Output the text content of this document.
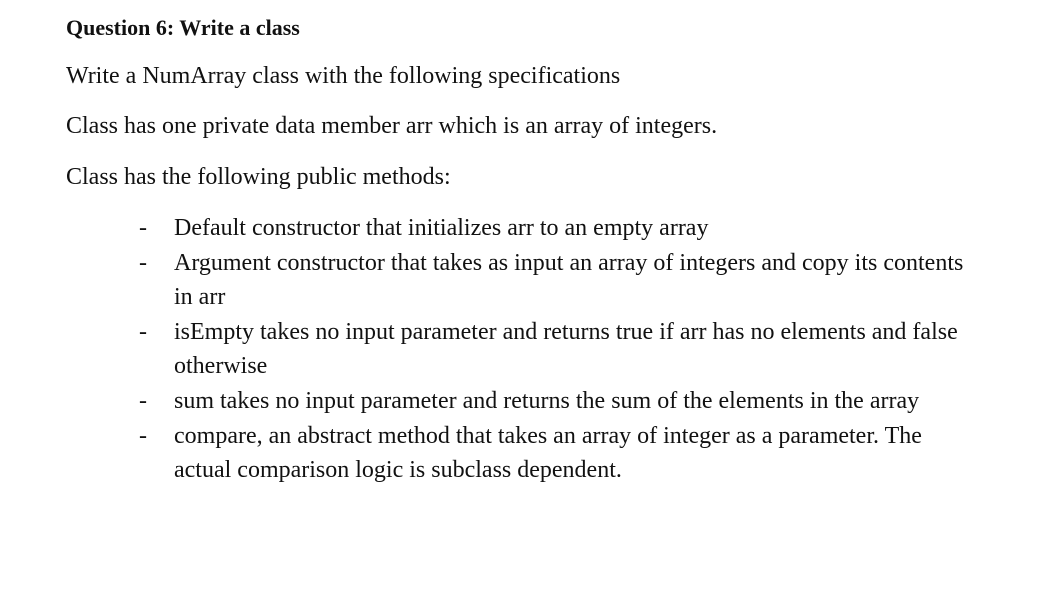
Question 6: Write a class
Write a NumArray class with the following specifications
Class has one private data member arr which is an array of integers.
Class has the following public methods:
- Default constructor that initializes arr to an empty array
- Argument constructor that takes as input an array of integers and copy its contents in arr
- isEmpty takes no input parameter and returns true if arr has no elements and false otherwise
- sum takes no input parameter and returns the sum of the elements in the array
- compare, an abstract method that takes an array of integer as a parameter. The actual comparison logic is subclass dependent.
